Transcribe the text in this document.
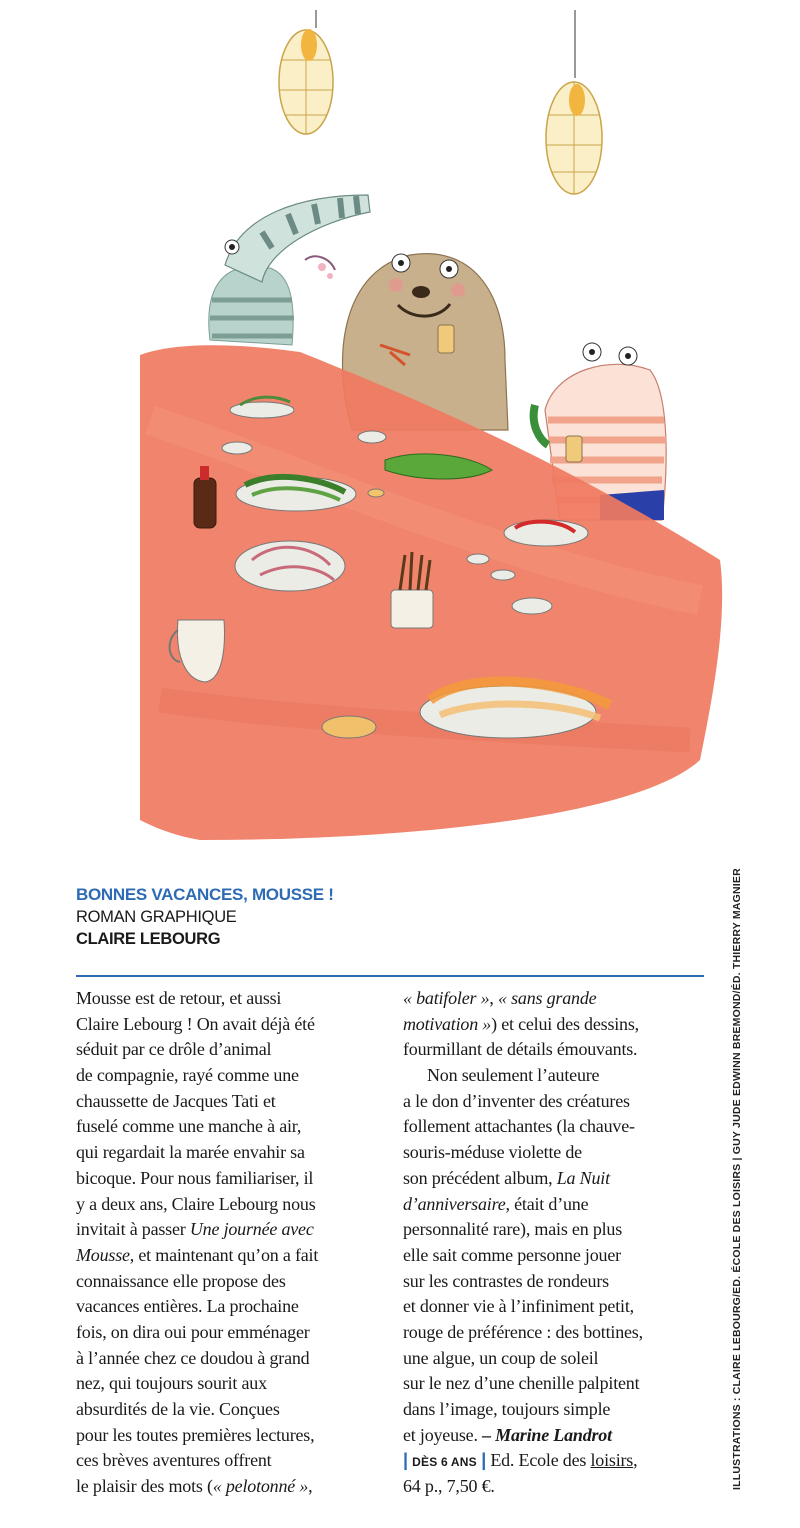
ILLUSTRATIONS : CLAIRE LEBOURG/ED. ÉCOLE DES LOISIRS | GUY JUDE EDWINN BREMOND/ÉD. THIERRY MAGNIER
BONNES VACANCES, MOUSSE !
ROMAN GRAPHIQUE
CLAIRE LEBOURG
Mousse est de retour, et aussi
Claire Lebourg ! On avait déjà été
séduit par ce drôle d’animal
de compagnie, rayé comme une
chaussette de Jacques Tati et
fuselé comme une manche à air,
qui regardait la marée envahir sa
bicoque. Pour nous familiariser, il
y a deux ans, Claire Lebourg nous
invitait à passer Une journée avec
Mousse, et maintenant qu’on a fait
connaissance elle propose des
vacances entières. La prochaine
fois, on dira oui pour emménager
à l’année chez ce doudou à grand
nez, qui toujours sourit aux
absurdités de la vie. Conçues
pour les toutes premières lectures,
ces brèves aventures offrent
le plaisir des mots (« pelotonné »,
« batifoler », « sans grande
motivation ») et celui des dessins,
fourmillant de détails émouvants.
Non seulement l’auteure
a le don d’inventer des créatures
follement attachantes (la chauve-
souris-méduse violette de
son précédent album, La Nuit
d’anniversaire, était d’une
personnalité rare), mais en plus
elle sait comme personne jouer
sur les contrastes de rondeurs
et donner vie à l’infiniment petit,
rouge de préférence : des bottines,
une algue, un coup de soleil
sur le nez d’une chenille palpitent
dans l’image, toujours simple
et joyeuse. – Marine Landrot
| DÈS 6 ANS | Ed. Ecole des loisirs,
64 p., 7,50 €.
